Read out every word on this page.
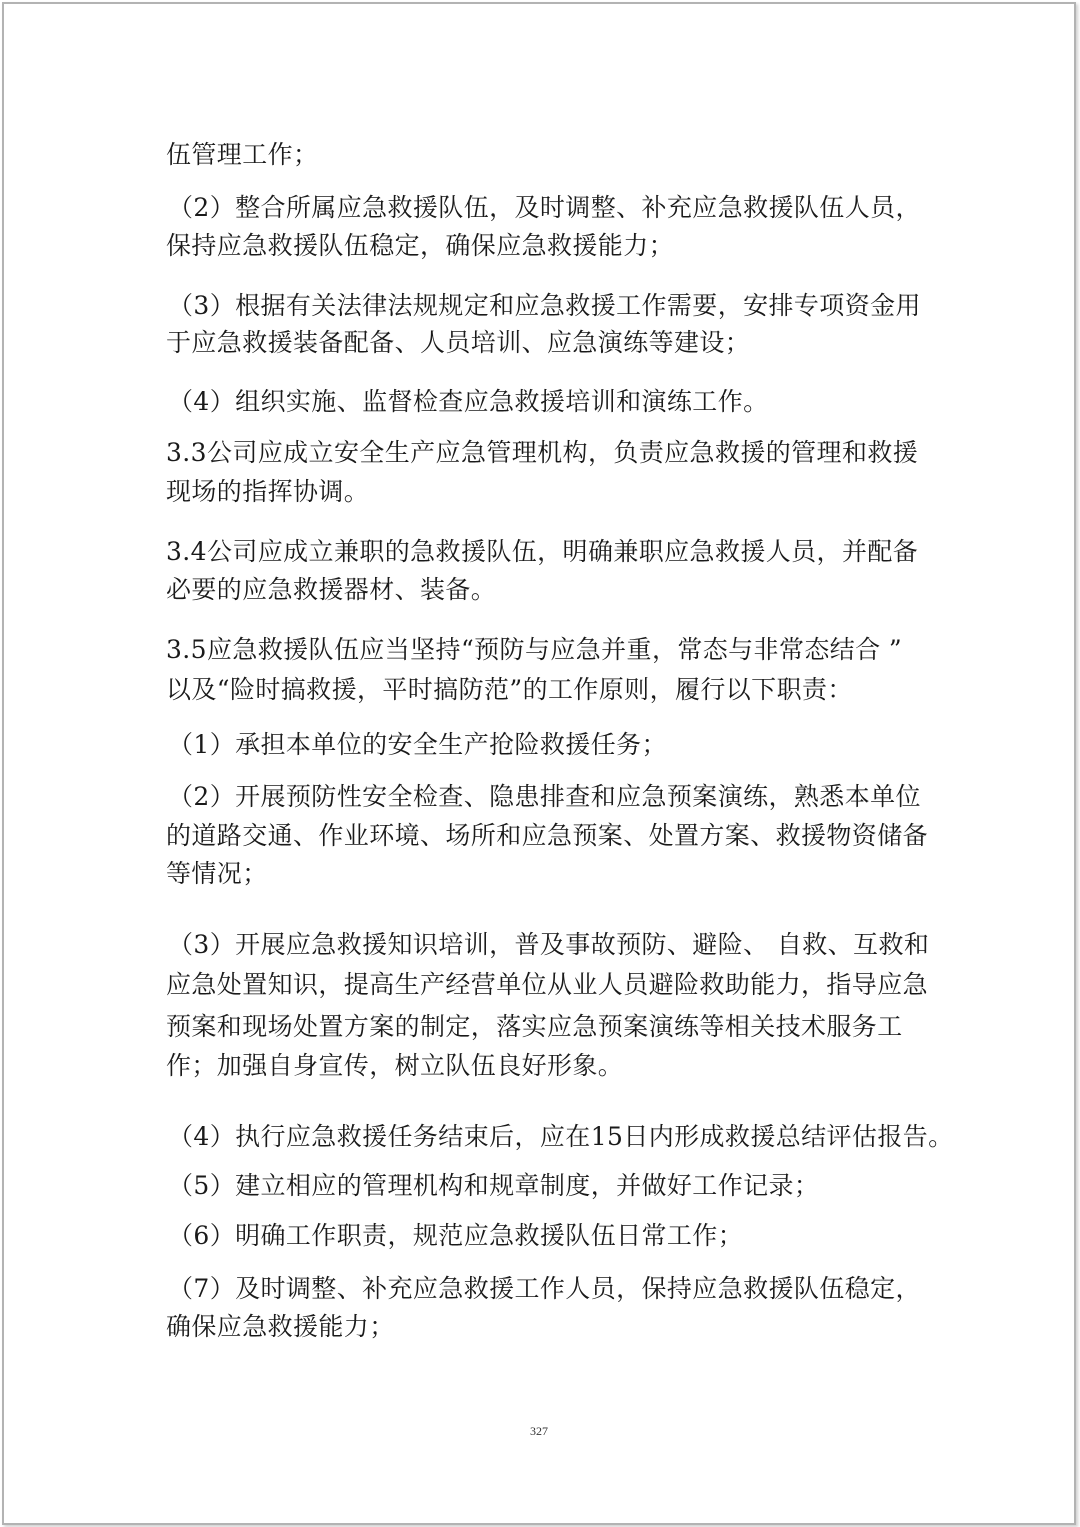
伍管理工作；
（2）整合所属应急救援队伍，及时调整、补充应急救援队伍人员，
保持应急救援队伍稳定，确保应急救援能力；
（3）根据有关法律法规规定和应急救援工作需要，安排专项资金用
于应急救援装备配备、人员培训、应急演练等建设；
（4）组织实施、监督检查应急救援培训和演练工作。
3.3公司应成立安全生产应急管理机构，负责应急救援的管理和救援
现场的指挥协调。
3.4公司应成立兼职的急救援队伍，明确兼职应急救援人员，并配备
必要的应急救援器材、装备。
3.5应急救援队伍应当坚持“预防与应急并重，常态与非常态结合 ”
以及“险时搞救援，平时搞防范”的工作原则，履行以下职责：
（1）承担本单位的安全生产抢险救援任务；
（2）开展预防性安全检查、隐患排查和应急预案演练，熟悉本单位
的道路交通、作业环境、场所和应急预案、处置方案、救援物资储备
等情况；
（3）开展应急救援知识培训，普及事故预防、避险、 自救、互救和
应急处置知识，提高生产经营单位从业人员避险救助能力，指导应急
预案和现场处置方案的制定，落实应急预案演练等相关技术服务工
作；加强自身宣传，树立队伍良好形象。
（4）执行应急救援任务结束后，应在15日内形成救援总结评估报告。
（5）建立相应的管理机构和规章制度，并做好工作记录；
（6）明确工作职责，规范应急救援队伍日常工作；
（7）及时调整、补充应急救援工作人员，保持应急救援队伍稳定，
确保应急救援能力；
327
